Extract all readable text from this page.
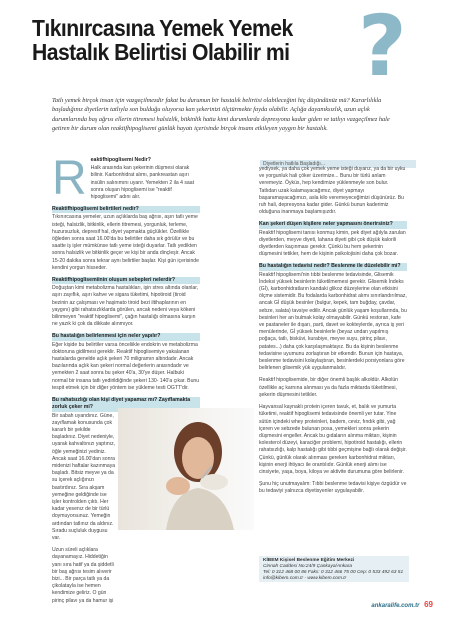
Tıkınırcasına Yemek Yemek
Hastalık Belirtisi Olabilir mi ?

Tatlı yemek birçok insan için vazgeçilmezdir fakat bu durumun bir hastalık belirtisi olabileceğini hiç düşündünüz mü? Kararlılıkla başladığınız diyetlerin tatlıyla son bulduğu oluyorsa kan şekerinizi ölçtürmekte fayda olabilir. Açlığa dayanıksızlık, uzun açlık durumlarında baş ağrısı ellerin titremesi halsizlik, bitkinlik hatta kimi durumlarda depresyona kadar giden ve tatlıyı vazgeçilmez hale getiren bir durum olan reaktifhipoglisemi günlük hayatı içerisinde birçok insanı etkileyen yaygın bir hastalık.

R eaktifhipoglisemi Nedir?

Halk arasında kan şekerinin düşmesi olarak bilinir. Karbonhidrat alımı, pankreastan aşırı insülin salınımını uyarır. Yemekten 2 ila 4 saat sonra oluşan hipoglisemi ise "reaktif hipoglisemi" adını alır.

Reaktifhipoglisemi belirtileri nedir?

Tıkınırcasına yemeler, uzun açlıklarda baş ağrısı, aşırı tatlı yeme isteği, halsizlik, bitkinlik, ellerin titremesi, yorgunluk, terleme, huzursuzluk, depresif hal, diyet yapmakta güçlükler. Özellikle öğleden sonra saat 16.00'da bu belirtiler daha sık görülür ve bu saatte iş işler mümkünse tatlı yeme isteği duyarlar. Tatlı yedikten sonra halsizlik ve bitkinlik geçer ve kişi bir anda dinçleşir. Ancak 15-20 dakika sonra tekrar aynı belirtiler başlar. Kişi gün içerisinde kendini yorgun hisseder.

Reaktifhipoglisemiinin oluşum sebepleri nelerdir?

Doğuştan kimi metabolizma hastalıkları, işin stres altında olanlar, aşırı zayıflık, aşırı kahve ve sigara tüketimi, hipotiroid (tiroid bezinin az çalışması ve haşimato tiroid bezi iltihaplarının en yaygını) gibi rahatsızlıklarda görülen, ancak nedeni veya kökeni bilinmeyen "reaktif hipoglisemi", çağın hastalığı olmasına karşın ne yazık ki çok da dikkate alınmıyor.

Bu hastalığın belirlenmesi için neler yapılır?

Eğer kişide bu belirtiler varsa önceliikle endokrin ve metabolizma doktoruna gidilmesi gereklir. Reaktif hipoglisemiye yakalanan hastalarda genelde açlık şekeri 70 miligramın altındadır. Ancak bazılarında açlık kan şekeri normal değerlerin arasındadır ve yemekten 2 saat sonra bu şeker 40'a, 30'ye düşer. Halbuki normal bir insana tatlı yedirildiğinde şekeri 130- 140'a çıkar. Bunu tespit etmek için bir diğer yöntem ise yükleme testi OGTT'dir.

Bu rahatsızlığı olan kişi diyet yapamaz mı? Zayıflamakta zorluk çeker mi?

Bir sabah uyandınız. Güne, zayıflamak konusunda çok kararlı bir şekilde başladınız. Diyet nedeniyle, uyarak kahvaltınızı yaptınız, öğle yemeğinizi yediniz. Ancak saat 16.00'dan sonra midenizi haftalar kazınmaya başladı. Bitsiz meyve ya da su içerek açlığınızı bastırdınız. Sıra akşam yemeğine geldiğinde ise işler kontrolden çıktı. Her kadar yesenız de bir türlü doymuyorsunuz. Yemeğin ardından tatlınız da aldınız. Sıradu suçluluk duygusu var.

Uzun süreli açlıklara dayanamayız. Hiddetiğin yanı sıra hatif ya da şiddetli bir baş ağrısı tesim alıverir bizi... Bir parça tatlı ya da çikolatayla ise hemen kendimize geliriz. O gün pirinç pilavı ya da hamur işi

Diyetlerin hatlıla Başladığı...

yediysek, ya daha çok yemek yeme isteği duyarız, ya da bir uyku ve yorgunluk hali çöker üzerimize... Bunu bir türlü anlam veremeyiz. Öyküs, hep kendimize yüklenmeyle son bulur. Tatlıdan uzak kalamayacağımız, diyet yapmayı başaramayacağımızı, asla kilo veremeyeceğimizi düşünürüz. Bu ruh hali, depresyona kadar gider. Günkü bunun kaderimiz olduğuna inanmaya başlamışızdır.

Kan şekeri düşen kişilere neler yapmasını önerirsiniz?

Reaktif hipoglisemi tanısı konmuş kimin, pek diyet ağılyla zarulan diyetlerden, meyve diyeti, lahana diyeti gibi çok düşük kalorili diyetlerden kaçınması gerekir. Çünkü bu hem şekerinin düşmesini tetikler, hem de kişinin psikolojisini daha çok bozar.

Bu hastalığın tedavisi nedir? Beslenme ile düzelebilir mi?

Reaktif hipoglisemi'nin tıbbi beslenme tedavisinde, Glisemik İndeksi yüksek besinlerin tüketilmemesi gerekir. Glisemik İndeks (Gİ), karbonhidratların kandaki glikoz düzeylerine olan etkisini ölçme sistemidir. Bu fodalarda karbonhidrat alımı sınırlandırılmaz, ancak Gİ düşük besinler (bulgur, kepek, tam buğday, çavdar, sebze, salata) tavsiye edilir. Ancak günlük yaşam koşullarında, bu besinleri her an bulmak kolay olmayabilir. Günkü restoran, kafe ve pastaneler ile dışarı, parti, davet ve kokteylerde, ayrıca iş yeri menülerinde, Gİ yüksek besinlerle (beyaz undan yapılmış poğaça, tatlı, bisküvi, kurabiye, meyve suyu, pirinç pilavı, patates...) daha çok karşılaşmaktayız. Bu da kişinin beslenme tedavisine uyumunu zorlaştıran bir etkendir. Bunun için hastaya, beslenme tedavisini kolaylaştıran, besinlerdeki porsiyonlara göre belirlenen glisemik yük uygulanmalıdır.

Reaktif hipoglisemide, bir diğer önemli başlık alkoldür. Alkolün özellikle aç karnına alınması ya da fazla miktarda tüketilmesi, şekerin düşmesini tetikler.

Hayvansal kaynaklı protein içeren tavuk, et, balık ve yumurta tüketimi, reaktif hipoglisemi tedavisinde önemli yer tutar. Yine sütün içindeki whey proteinleri, badem, ceviz, fındık gibi, yağ içeren ve sebzede bulunan posa, yemekleri sonra şekerin düşmesini engeller. Ancak bu gıdaların alınma miktarı, kişinin kolesterol düzeyi, karaciğer problemi, hipotiroid hastalığı, ellerin rahatsızlığı, kalp hastalığı gibi tıbbi geçmişine bağlı olarak değişir. Çünkü, günlük olarak alınması gereken karbonhidrat miktarı, kişinin enerji ihtiyacı ile orantılıdır. Günlük enerji alımı ise cinsiyete, yaşa, boya, kiloya ve aktivite durumuna göre belirlenir.

Şunu hiç unutmayalım: Tıbbi beslenme tedavisi kişiye özgüdür ve bu tedaviyi yalnızca diyetisyenler uygulayabilir.

KİBEM Kişisel Beslenme Eğitim Merkezi
Cinnah Caddesi No:24/9 Çankaya/Ankara
Tel: 0 312 468 00 86 Faks: 0 312 466 75 00 Cep: 0 533 492 63 51
info@kibem.com.tr - www.kibem.com.tr
ankaralife.com.tr 69
